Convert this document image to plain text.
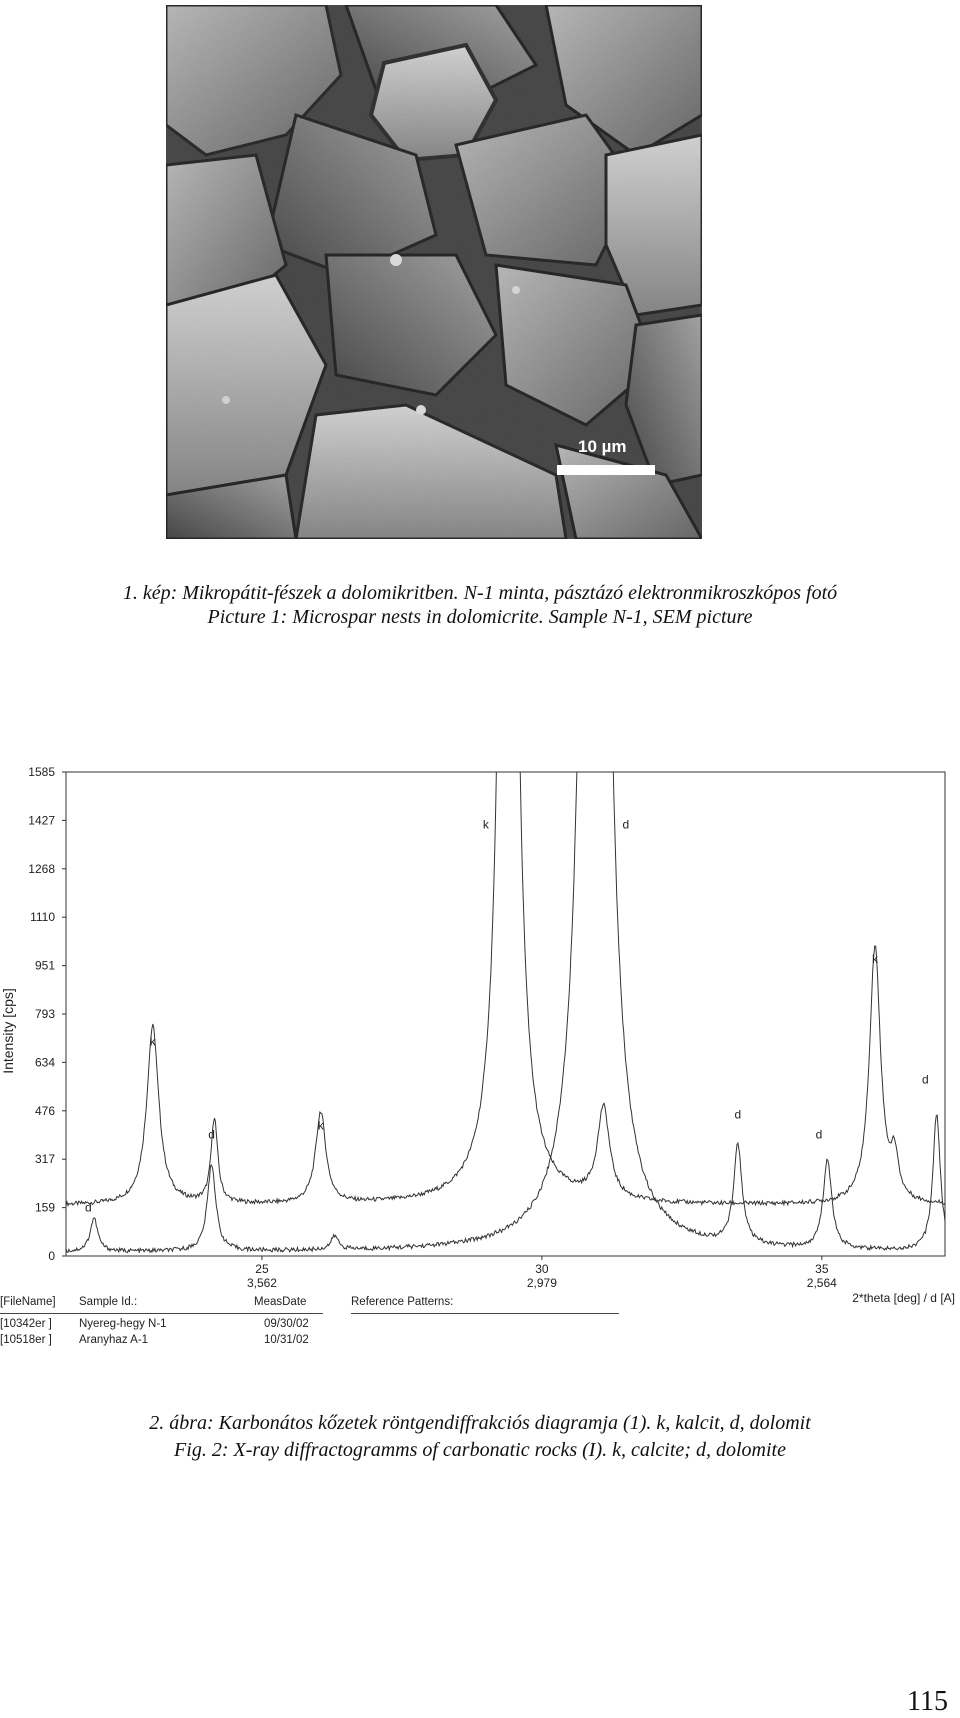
10 µm
1. kép: Mikropátit-fészek a dolomikritben. N-1 minta, pásztázó elektronmikroszkópos fotó
Picture 1: Microspar nests in dolomicrite. Sample N-1, SEM picture
1585
1427
1268
1110
951
793
634
476
317
159
0
25
3,562
30
2,979
35
2,564
d
k
d
k
k	d
d
d
k
d
Intensity [cps]
2*theta [deg] / d [A]
[FileName] Sample Id.:	MeasDate	Reference Patterns:
[10342er ] Nyereg-hegy N-1	09/30/02
[10518er ] Aranyhaz A-1	10/31/02
2. ábra: Karbonátos kőzetek röntgendiffrakciós diagramja (1). k, kalcit, d, dolomit
Fig. 2: X-ray diffractogramms of carbonatic rocks (I). k, calcite; d, dolomite
115
